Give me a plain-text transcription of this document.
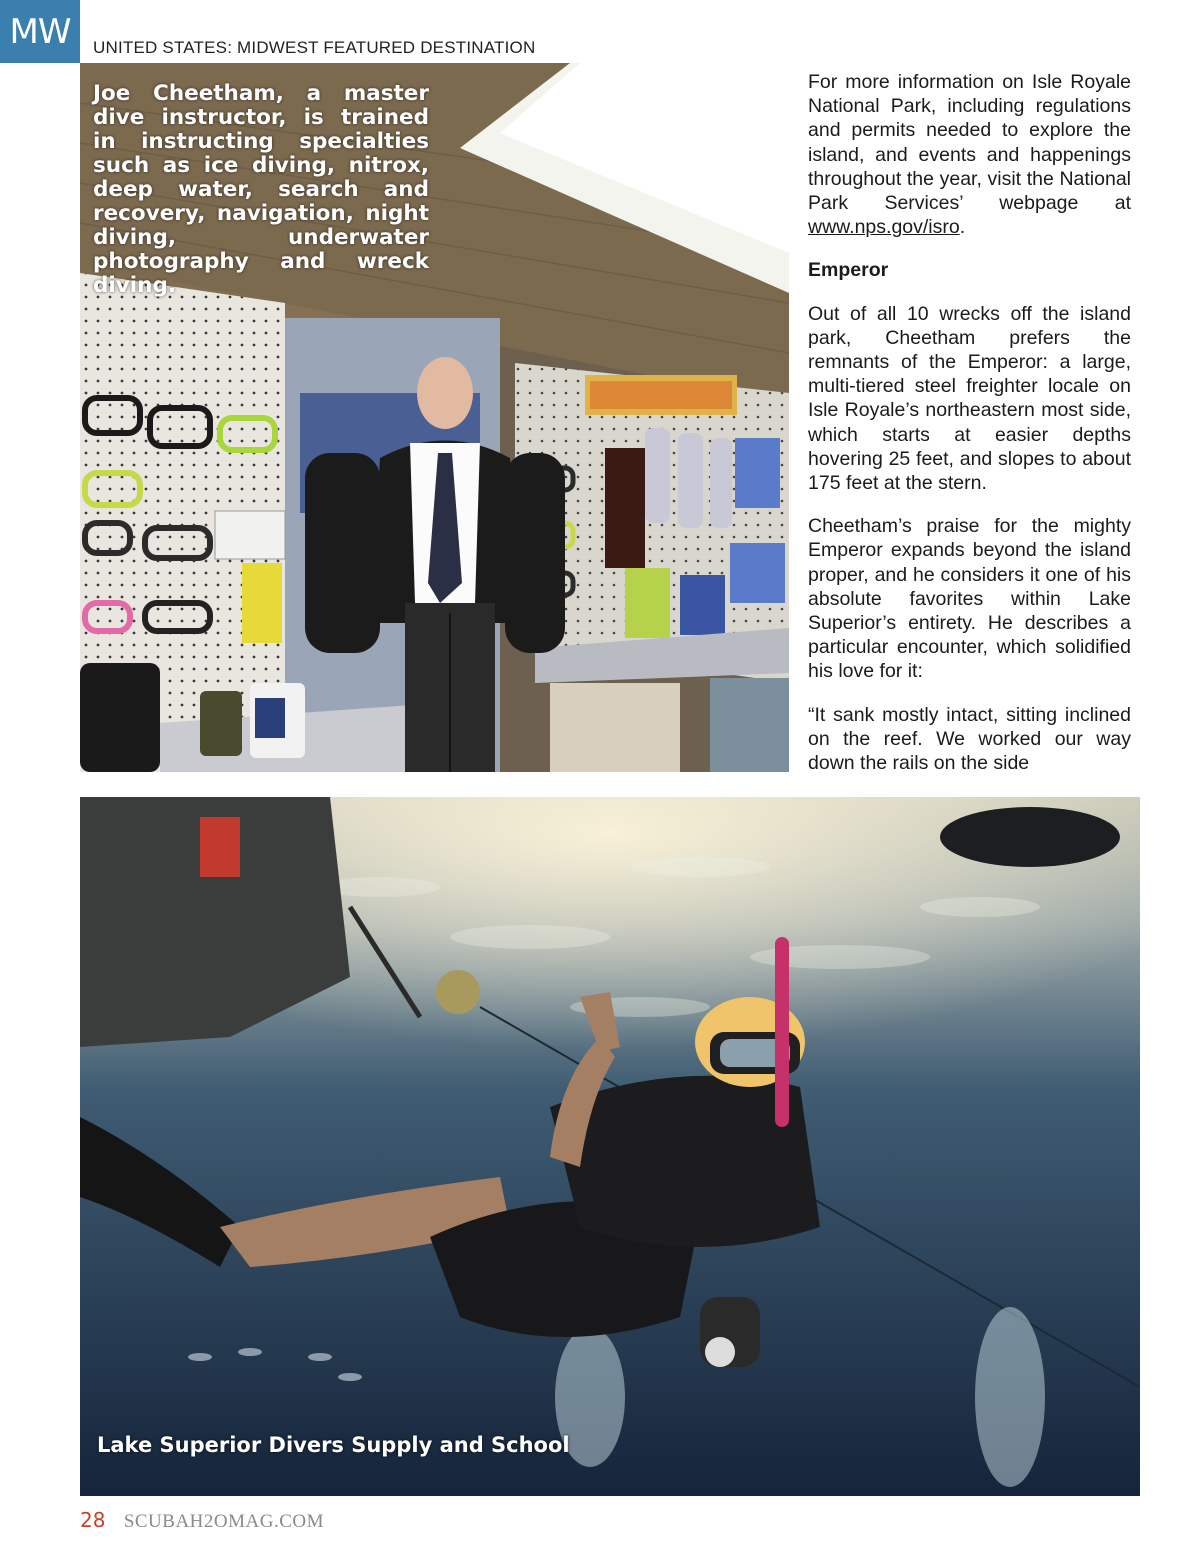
MW UNITED STATES: MIDWEST FEATURED DESTINATION
Joe Cheetham, a master dive instructor, is trained in instructing specialties such as ice diving, nitrox, deep water, search and recovery, navigation, night diving, underwater photography and wreck diving.

For more information on Isle Royale National Park, including regulations and permits needed to explore the island, and events and happenings throughout the year, visit the National Park Services’ webpage at www.nps.gov/isro.

Emperor

Out of all 10 wrecks off the island park, Cheetham prefers the remnants of the Emperor: a large, multi-tiered steel freighter locale on Isle Royale’s northeastern most side, which starts at easier depths hovering 25 feet, and slopes to about 175 feet at the stern.

Cheetham’s praise for the mighty Emperor expands beyond the island proper, and he considers it one of his absolute favorites within Lake Superior’s entirety. He describes a particular encounter, which solidified his love for it:

“It sank mostly intact, sitting inclined on the reef. We worked our way down the rails on the side

Lake Superior Divers Supply and School
28 SCUBAH2OMAG.COM
